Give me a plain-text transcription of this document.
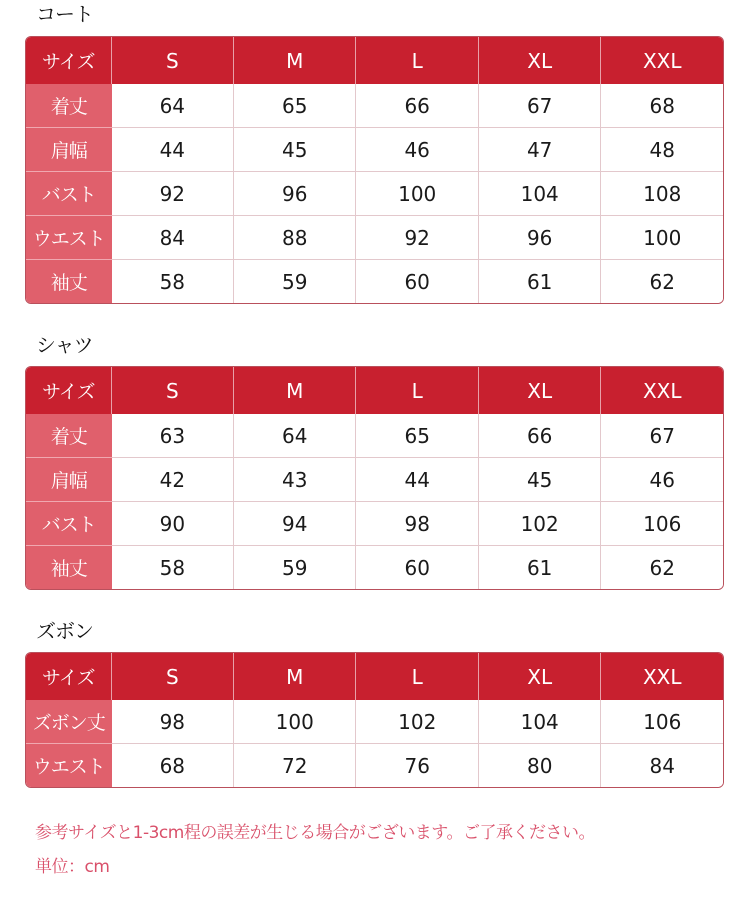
コート
サイズ	S	M	L	XL	XXL
着丈	64	65	66	67	68
肩幅	44	45	46	47	48
バスト	92	96	100	104	108
ウエスト	84	88	92	96	100
袖丈	58	59	60	61	62
シャツ
サイズ	S	M	L	XL	XXL
着丈	63	64	65	66	67
肩幅	42	43	44	45	46
バスト	90	94	98	102	106
袖丈	58	59	60	61	62
ズボン
サイズ	S	M	L	XL	XXL
ズボン丈	98	100	102	104	106
ウエスト	68	72	76	80	84
参考サイズと1-3cm程の誤差が生じる場合がございます。ご了承ください。
単位：cm
